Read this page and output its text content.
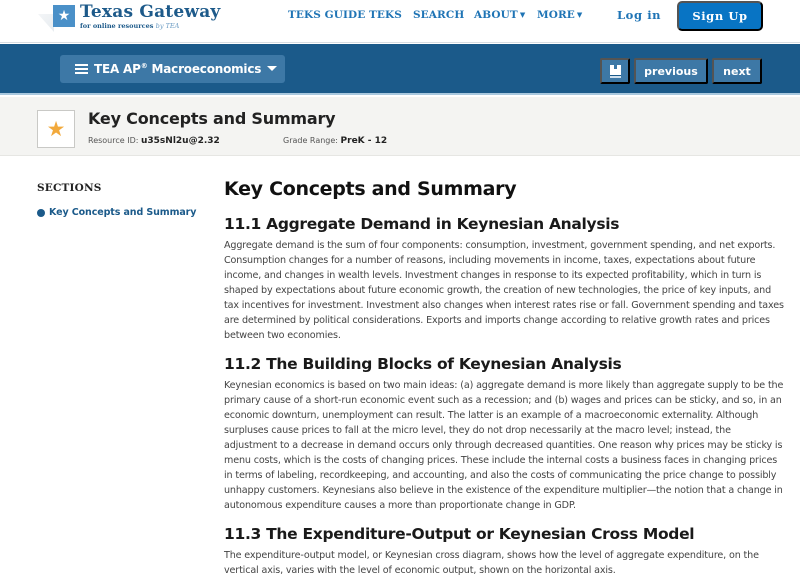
★ Texas Gateway
for online resources by TEA
TEKS GUIDE TEKS SEARCH ABOUT ▼ MORE ▼	Log in	Sign Up
TEA AP® Macroeconomics	previous	next
★	Key Concepts and Summary
Resource ID: u35sNl2u@2.32	Grade Range: PreK - 12
SECTIONS
Key Concepts and Summary
Key Concepts and Summary
11.1 Aggregate Demand in Keynesian Analysis

Aggregate demand is the sum of four components: consumption, investment, government spending, and net exports. Consumption changes for a number of reasons, including movements in income, taxes, expectations about future income, and changes in wealth levels. Investment changes in response to its expected profitability, which in turn is shaped by expectations about future economic growth, the creation of new technologies, the price of key inputs, and tax incentives for investment. Investment also changes when interest rates rise or fall. Government spending and taxes are determined by political considerations. Exports and imports change according to relative growth rates and prices between two economies.

11.2 The Building Blocks of Keynesian Analysis

Keynesian economics is based on two main ideas: (a) aggregate demand is more likely than aggregate supply to be the primary cause of a short-run economic event such as a recession; and (b) wages and prices can be sticky, and so, in an economic downturn, unemployment can result. The latter is an example of a macroeconomic externality. Although surpluses cause prices to fall at the micro level, they do not drop necessarily at the macro level; instead, the adjustment to a decrease in demand occurs only through decreased quantities. One reason why prices may be sticky is menu costs, which is the costs of changing prices. These include the internal costs a business faces in changing prices in terms of labeling, recordkeeping, and accounting, and also the costs of communicating the price change to possibly unhappy customers. Keynesians also believe in the existence of the expenditure multiplier—the notion that a change in autonomous expenditure causes a more than proportionate change in GDP.

11.3 The Expenditure-Output or Keynesian Cross Model

The expenditure-output model, or Keynesian cross diagram, shows how the level of aggregate expenditure, on the vertical axis, varies with the level of economic output, shown on the horizontal axis.
